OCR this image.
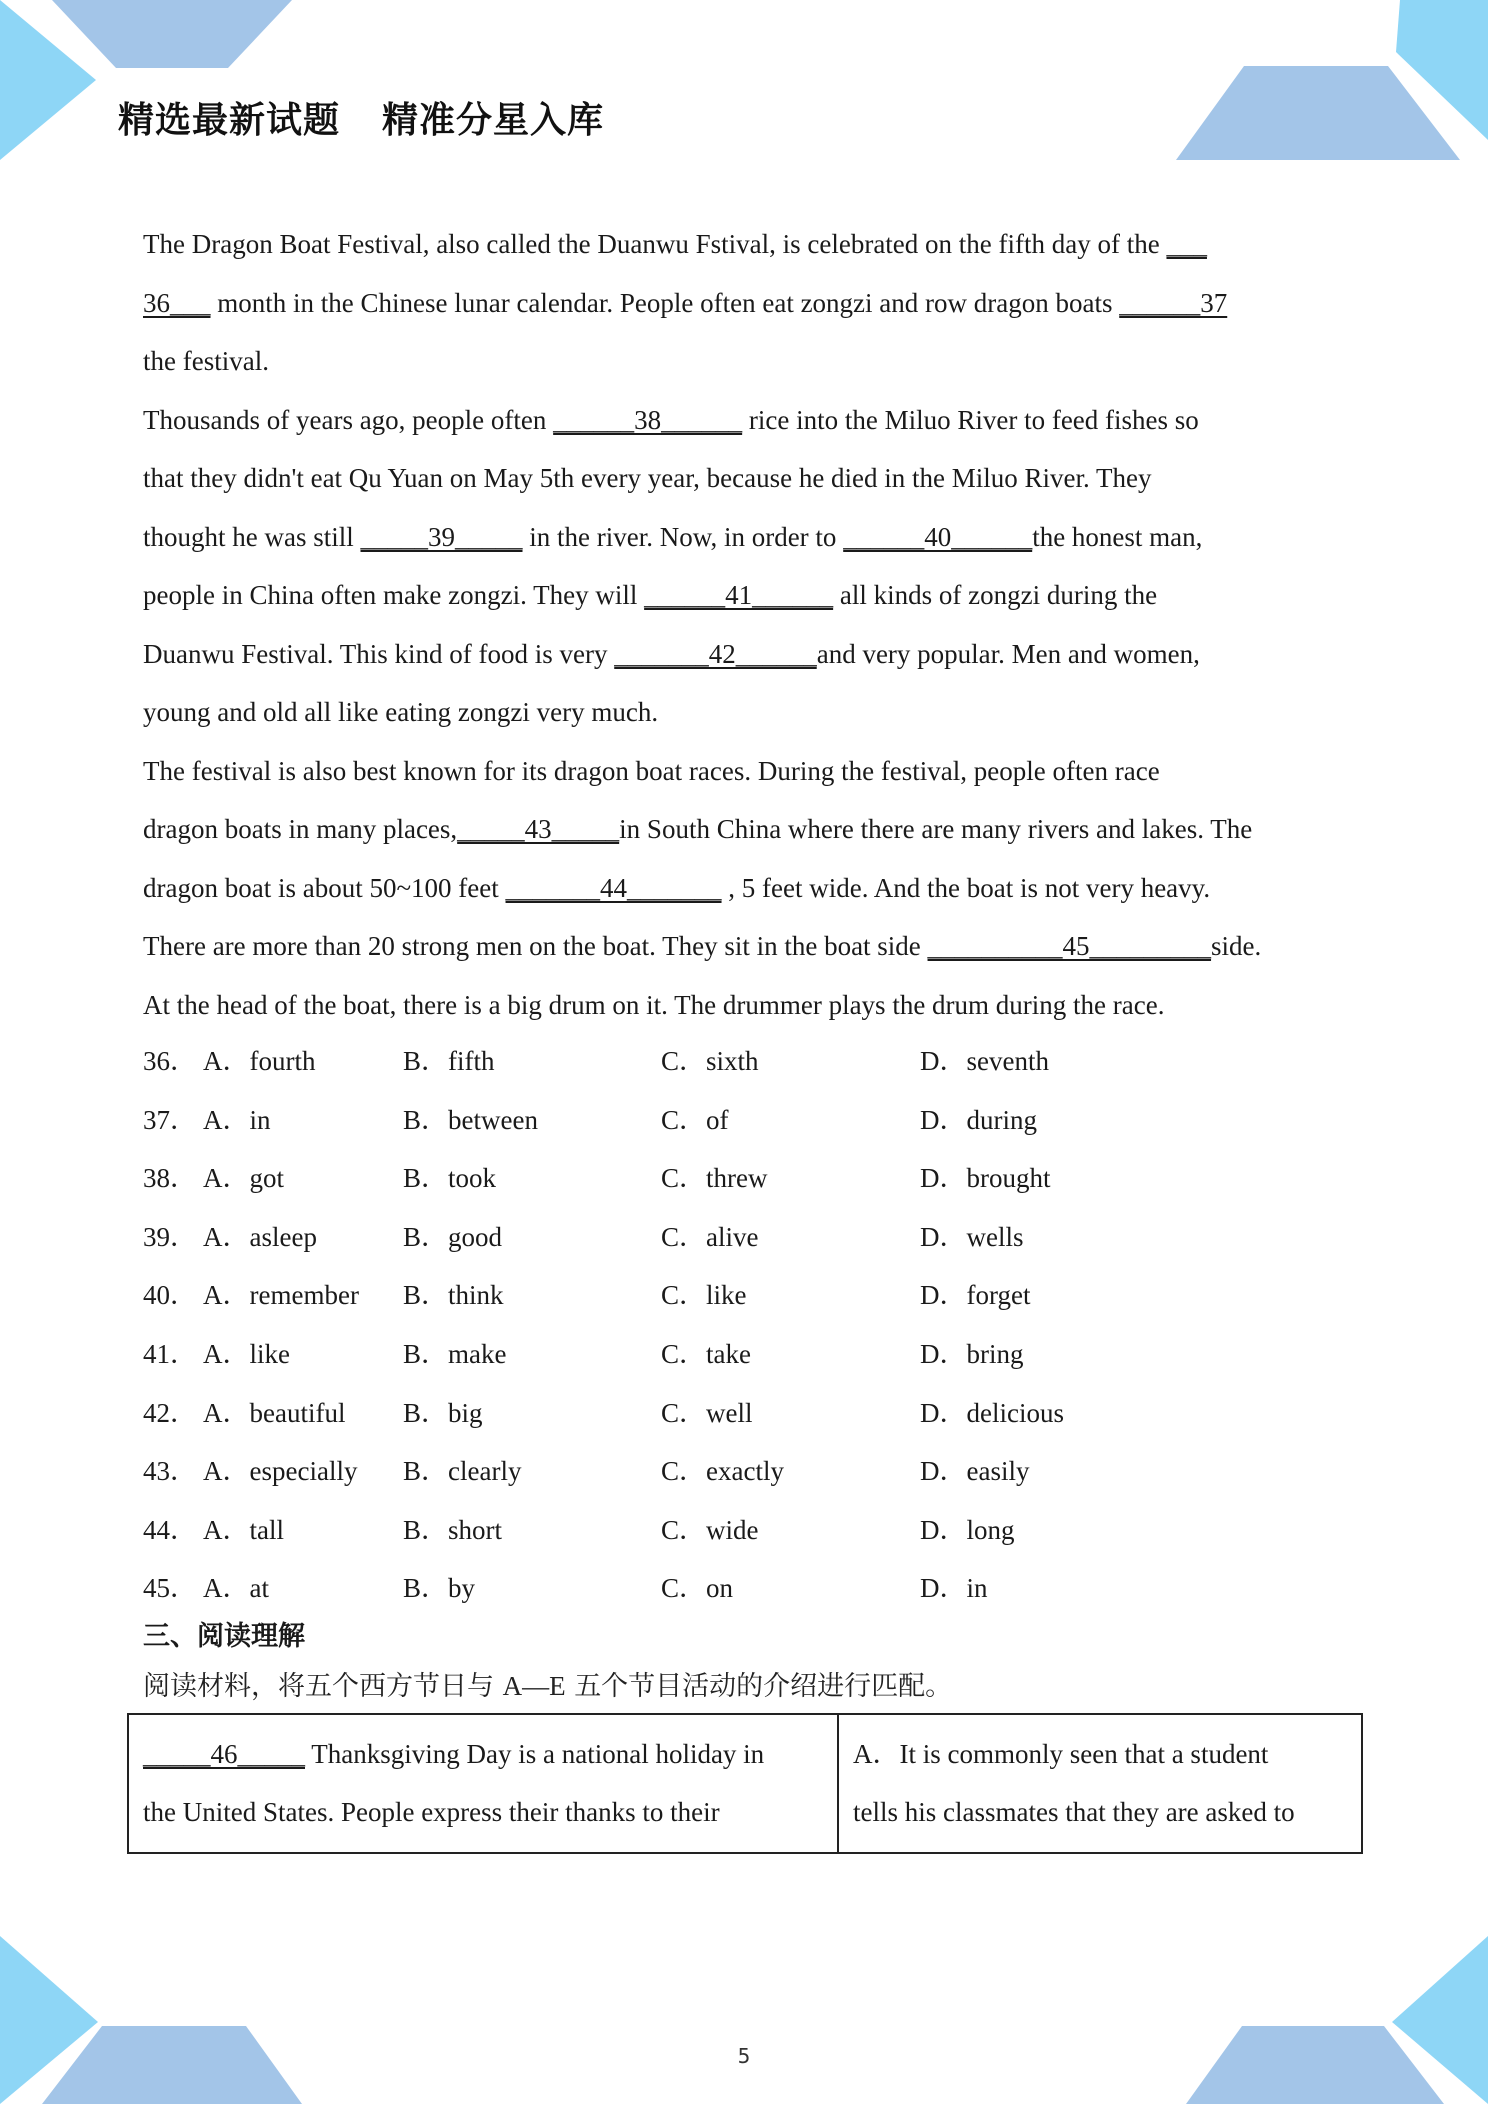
精选最新试题 精准分星入库
The Dragon Boat Festival, also called the Duanwu Fstival, is celebrated on the fifth day of the ___
36___ month in the Chinese lunar calendar. People often eat zongzi and row dragon boats ______37
the festival.
Thousands of years ago, people often ______38______ rice into the Miluo River to feed fishes so
that they didn't eat Qu Yuan on May 5th every year, because he died in the Miluo River. They
thought he was still _____39_____ in the river. Now, in order to ______40______the honest man,
people in China often make zongzi. They will ______41______ all kinds of zongzi during the
Duanwu Festival. This kind of food is very _______42______and very popular. Men and women,
young and old all like eating zongzi very much.
The festival is also best known for its dragon boat races. During the festival, people often race
dragon boats in many places,_____43_____in South China where there are many rivers and lakes. The
dragon boat is about 50~100 feet _______44_______ , 5 feet wide. And the boat is not very heavy.
There are more than 20 strong men on the boat. They sit in the boat side __________45_________side.
At the head of the boat, there is a big drum on it. The drummer plays the drum during the race.
36． A．fourth	B．fifth	C．sixth	D．seventh
37． A．in	B．between	C．of	D．during
38． A．got	B．took	C．threw	D．brought
39． A．asleep	B．good	C．alive	D．wells
40． A．remember B．think	C．like	D．forget
41． A．like	B．make	C．take	D．bring
42． A．beautiful B．big	C．well	D．delicious
43． A．especially B．clearly	C．exactly	D．easily
44． A．tall	B．short	C．wide	D．long
45． A．at	B．by	C．on	D．in
三、阅读理解
阅读材料，将五个西方节日与 A—E 五个节目活动的介绍进行匹配。
_____46_____ Thanksgiving Day is a national holiday in
the United States. People express their thanks to their

A．It is commonly seen that a student
tells his classmates that they are asked to
5
